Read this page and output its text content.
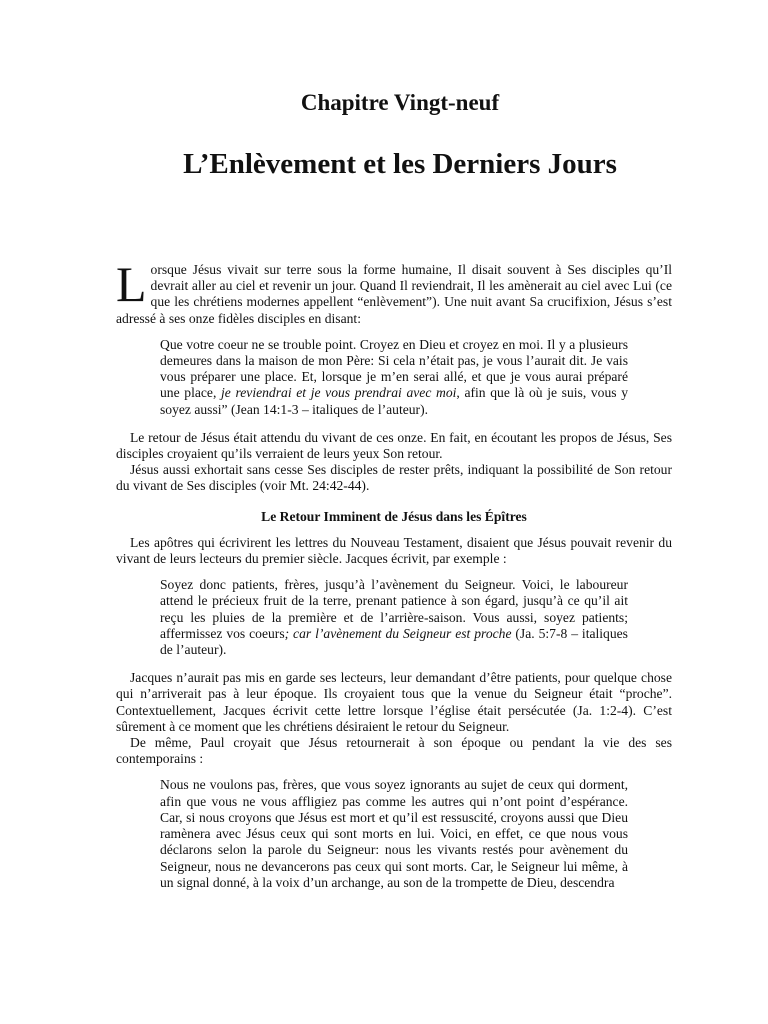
Chapitre Vingt-neuf
L’Enlèvement et les Derniers Jours

Lorsque Jésus vivait sur terre sous la forme humaine, Il disait souvent à Ses disciples qu’Il devrait aller au ciel et revenir un jour. Quand Il reviendrait, Il les amènerait au ciel avec Lui (ce que les chrétiens modernes appellent “enlèvement”). Une nuit avant Sa crucifixion, Jésus s’est adressé à ses onze fidèles disciples en disant:

Que votre coeur ne se trouble point. Croyez en Dieu et croyez en moi. Il y a plusieurs demeures dans la maison de mon Père: Si cela n’était pas, je vous l’aurait dit. Je vais vous préparer une place. Et, lorsque je m’en serai allé, et que je vous aurai préparé une place, je reviendrai et je vous prendrai avec moi, afin que là où je suis, vous y soyez aussi” (Jean 14:1-3 – italiques de l’auteur).

Le retour de Jésus était attendu du vivant de ces onze. En fait, en écoutant les propos de Jésus, Ses disciples croyaient qu’ils verraient de leurs yeux Son retour.

Jésus aussi exhortait sans cesse Ses disciples de rester prêts, indiquant la possibilité de Son retour du vivant de Ses disciples (voir Mt. 24:42-44).

Le Retour Imminent de Jésus dans les Épîtres

Les apôtres qui écrivirent les lettres du Nouveau Testament, disaient que Jésus pouvait revenir du vivant de leurs lecteurs du premier siècle. Jacques écrivit, par exemple :

Soyez donc patients, frères, jusqu’à l’avènement du Seigneur. Voici, le laboureur attend le précieux fruit de la terre, prenant patience à son égard, jusqu’à ce qu’il ait reçu les pluies de la première et de l’arrière-saison. Vous aussi, soyez patients; affermissez vos coeurs; car l’avènement du Seigneur est proche (Ja. 5:7-8 – italiques de l’auteur).

Jacques n’aurait pas mis en garde ses lecteurs, leur demandant d’être patients, pour quelque chose qui n’arriverait pas à leur époque. Ils croyaient tous que la venue du Seigneur était “proche”. Contextuellement, Jacques écrivit cette lettre lorsque l’église était persécutée (Ja. 1:2-4). C’est sûrement à ce moment que les chrétiens désiraient le retour du Seigneur.

De même, Paul croyait que Jésus retournerait à son époque ou pendant la vie des ses contemporains :

Nous ne voulons pas, frères, que vous soyez ignorants au sujet de ceux qui dorment, afin que vous ne vous affligiez pas comme les autres qui n’ont point d’espérance. Car, si nous croyons que Jésus est mort et qu’il est ressuscité, croyons aussi que Dieu ramènera avec Jésus ceux qui sont morts en lui. Voici, en effet, ce que nous vous déclarons selon la parole du Seigneur: nous les vivants restés pour avènement du Seigneur, nous ne devancerons pas ceux qui sont morts. Car, le Seigneur lui même, à un signal donné, à la voix d’un archange, au son de la trompette de Dieu, descendra
